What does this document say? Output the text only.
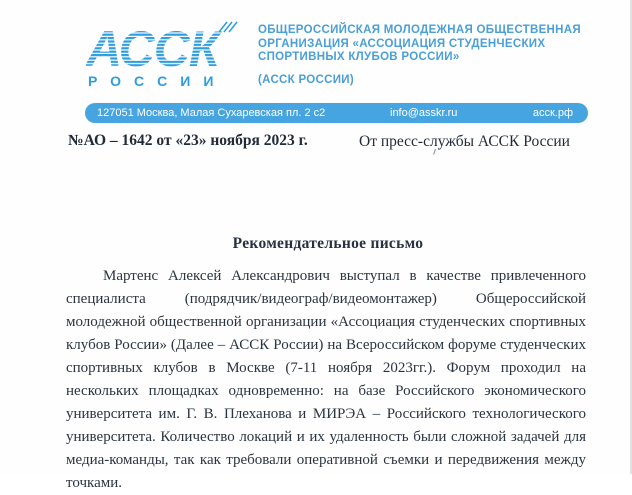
АССК
РОССИИ
ОБЩЕРОССИЙСКАЯ МОЛОДЕЖНАЯ ОБЩЕСТВЕННАЯ
ОРГАНИЗАЦИЯ «АССОЦИАЦИЯ СТУДЕНЧЕСКИХ
СПОРТИВНЫХ КЛУБОВ РОССИИ»
(АССК РОССИИ)
127051 Москва, Малая Сухаревская пл. 2 с2	info@asskr.ru	асск.рф
№АО – 1642 от «23» ноября 2023 г.	От пресс-службы АССК России
Рекомендательное письмо
Мартенс Алексей Александрович выступал в качестве привлеченного специалиста (подрядчик/видеограф/видеомонтажер) Общероссийской молодежной общественной организации «Ассоциация студенческих спортивных клубов России» (Далее – АССК России) на Всероссийском форуме студенческих спортивных клубов в Москве (7-11 ноября 2023гг.). Форум проходил на нескольких площадках одновременно: на базе Российского экономического университета им. Г. В. Плеханова и МИРЭА – Российского технологического университета. Количество локаций и их удаленность были сложной задачей для медиа-команды, так как требовали оперативной съемки и передвижения между точками.
